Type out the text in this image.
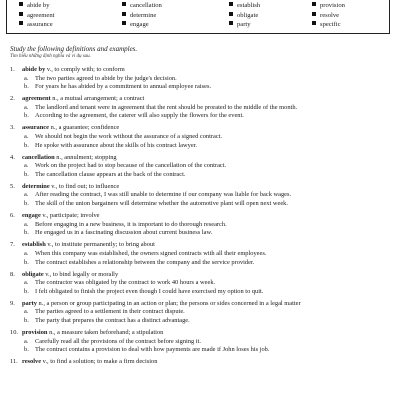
abide by
agreement
assurance
cancellation
determine
engage
establish
obligate
party
provision
resolve
specific
Study the following definitions and examples.
Tìm hiểu những định nghĩa và ví dụ sau.
1. abide by v., to comply with; to conform
a.	The two parties agreed to abide by the judge's decision.
b. For years he has abided by a commitment to annual employee raises.
2. agreement n., a mutual arrangement; a contract
a.	The landlord and tenant were in agreement that the rent should be prorated to the middle of the month.
b. According to the agreement, the caterer will also supply the flowers for the event.
3. assurance n., a guarantee; confidence
a.	We should not begin the work without the assurance of a signed contract.
b. He spoke with assurance about the skills of his contract lawyer.
4. cancellation n., annulment; stopping
a.	Work on the project had to stop because of the cancellation of the contract.
b. The cancellation clause appears at the back of the contract.
5. determine v., to find out; to influence
a.	After reading the contract, I was still unable to determine if our company was liable for back wages.
b. The skill of the union bargainers will determine whether the automotive plant will open next week.
6. engage v., participate; involve
a.	Before engaging in a new business, it is important to do thorough research.
b. He engaged us in a fascinating discussion about current business law.
7. establish v., to institute permanently; to bring about
a.	When this company was established, the owners signed contracts with all their employees.
b. The contract establishes a relationship between the company and the service provider.
8. obligate v., to bind legally or morally
a.	The contractor was obligated by the contract to work 40 hours a week.
b. I felt obligated to finish the project even though I could have exercised my option to quit.
9. party n., a person or group participating in an action or plan; the persons or sides concerned in a legal matter
a.	The parties agreed to a settlement in their contract dispute.
b. The party that prepares the contract has a distinct advantage.
10. provision n., a measure taken beforehand; a stipulation
a.	Carefully read all the provisions of the contract before signing it.
b. The contract contains a provision to deal with how payments are made if John loses his job.
11. resolve v., to find a solution; to make a firm decision
